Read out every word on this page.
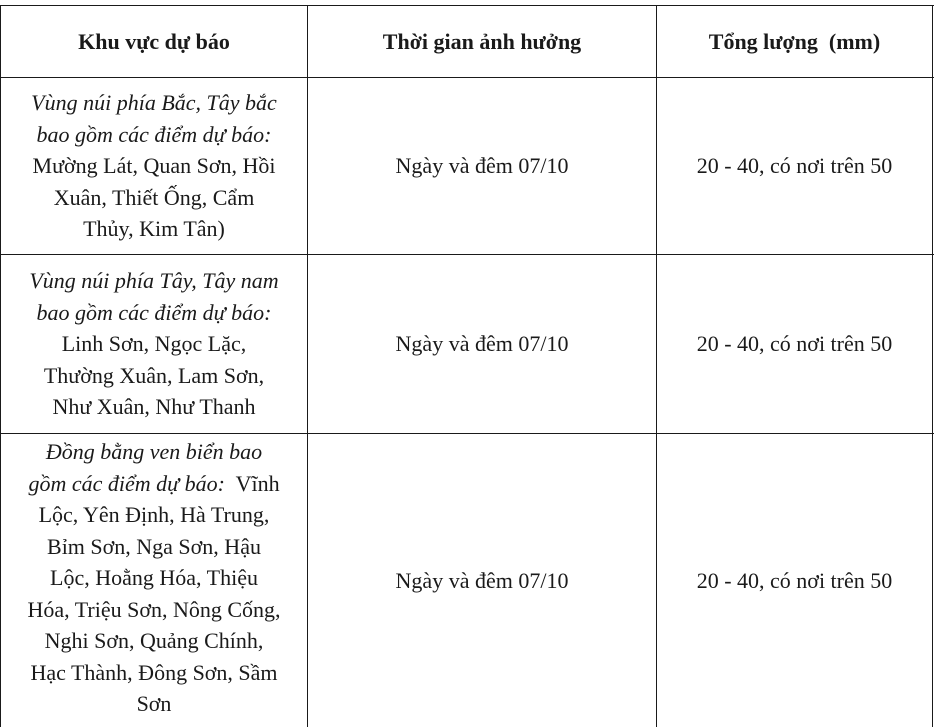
Khu vực dự báo	Thời gian ảnh hưởng	Tổng lượng  (mm)
Vùng núi phía Bắc, Tây bắc
bao gồm các điểm dự báo:
Mường Lát, Quan Sơn, Hồi
Xuân, Thiết Ống, Cẩm
Thủy, Kim Tân)
Ngày và đêm 07/10	20 - 40, có nơi trên 50
Vùng núi phía Tây, Tây nam
bao gồm các điểm dự báo:
Linh Sơn, Ngọc Lặc,
Thường Xuân, Lam Sơn,
Như Xuân, Như Thanh
Ngày và đêm 07/10	20 - 40, có nơi trên 50
Đồng bằng ven biển bao
gồm các điểm dự báo: Vĩnh
Lộc, Yên Định, Hà Trung,
Bỉm Sơn, Nga Sơn, Hậu
Lộc, Hoằng Hóa, Thiệu
Hóa, Triệu Sơn, Nông Cống,
Nghi Sơn, Quảng Chính,
Hạc Thành, Đông Sơn, Sầm
Sơn
Ngày và đêm 07/10	20 - 40, có nơi trên 50
